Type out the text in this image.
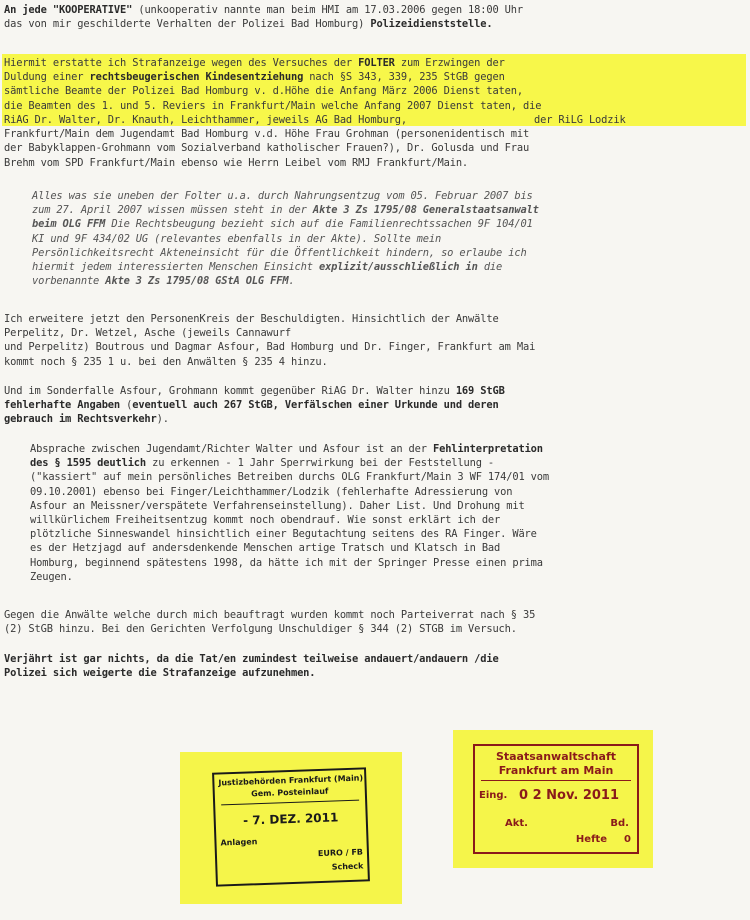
An jede "KOOPERATIVE" (unkooperativ nannte man beim HMI am 17.03.2006 gegen 18:00 Uhr
das von mir geschilderte Verhalten der Polizei Bad Homburg) Polizeidienststelle.
Hiermit erstatte ich Strafanzeige wegen des Versuches der FOLTER zum Erzwingen der
Duldung einer rechtsbeugerischen Kindesentziehung nach §S 343, 339, 235 StGB gegen
sämtliche Beamte der Polizei Bad Homburg v. d.Höhe die Anfang März 2006 Dienst taten,
die Beamten des 1. und 5. Reviers in Frankfurt/Main welche Anfang 2007 Dienst taten, die
RiAG Dr. Walter, Dr. Knauth, Leichthammer, jeweils AG Bad Homburg,	der RiLG Lodzik
Frankfurt/Main dem Jugendamt Bad Homburg v.d. Höhe Frau Grohman (personenidentisch mit
der Babyklappen-Grohmann vom Sozialverband katholischer Frauen?), Dr. Golusda und Frau
Brehm vom SPD Frankfurt/Main ebenso wie Herrn Leibel vom RMJ Frankfurt/Main.
Alles was sie uneben der Folter u.a. durch Nahrungsentzug vom 05. Februar 2007 bis
zum 27. April 2007 wissen müssen steht in der Akte 3 Zs 1795/08 Generalstaatsanwalt
beim OLG FFM Die Rechtsbeugung bezieht sich auf die Familienrechtssachen 9F 104/01
KI und 9F 434/02 UG (relevantes ebenfalls in der Akte). Sollte mein
Persönlichkeitsrecht Akteneinsicht für die Öffentlichkeit hindern, so erlaube ich
hiermit jedem interessierten Menschen Einsicht explizit/ausschließlich in die
vorbenannte Akte 3 Zs 1795/08 GStA OLG FFM.
Ich erweitere jetzt den PersonenKreis der Beschuldigten. Hinsichtlich der Anwälte
Perpelitz, Dr. Wetzel, Asche (jeweils Cannawurf
und Perpelitz) Boutrous und Dagmar Asfour, Bad Homburg und Dr. Finger, Frankfurt am Mai
kommt noch § 235 1 u. bei den Anwälten § 235 4 hinzu.
Und im Sonderfalle Asfour, Grohmann kommt gegenüber RiAG Dr. Walter hinzu 169 StGB
fehlerhafte Angaben (eventuell auch 267 StGB, Verfälschen einer Urkunde und deren
gebrauch im Rechtsverkehr).
Absprache zwischen Jugendamt/Richter Walter und Asfour ist an der Fehlinterpretation
des § 1595 deutlich zu erkennen - 1 Jahr Sperrwirkung bei der Feststellung -
("kassiert" auf mein persönliches Betreiben durchs OLG Frankfurt/Main 3 WF 174/01 vom
09.10.2001) ebenso bei Finger/Leichthammer/Lodzik (fehlerhafte Adressierung von
Asfour an Meissner/verspätete Verfahrenseinstellung). Daher List. Und Drohung mit
willkürlichem Freiheitsentzug kommt noch obendrauf. Wie sonst erklärt ich der
plötzliche Sinneswandel hinsichtlich einer Begutachtung seitens des RA Finger. Wäre
es der Hetzjagd auf andersdenkende Menschen artige Tratsch und Klatsch in Bad
Homburg, beginnend spätestens 1998, da hätte ich mit der Springer Presse einen prima
Zeugen.
Gegen die Anwälte welche durch mich beauftragt wurden kommt noch Parteiverrat nach § 35
(2) StGB hinzu. Bei den Gerichten Verfolgung Unschuldiger § 344 (2) STGB im Versuch.
Verjährt ist gar nichts, da die Tat/en zumindest teilweise andauert/andauern /die
Polizei sich weigerte die Strafanzeige aufzunehmen.
Justizbehörden Frankfurt (Main)
Gem. Posteinlauf
- 7. DEZ. 2011
Anlagen
EURO / FB
Scheck
Staatsanwaltschaft
Frankfurt am Main
Eing. 0 2 Nov. 2011
Akt.	Bd.
Hefte	0
